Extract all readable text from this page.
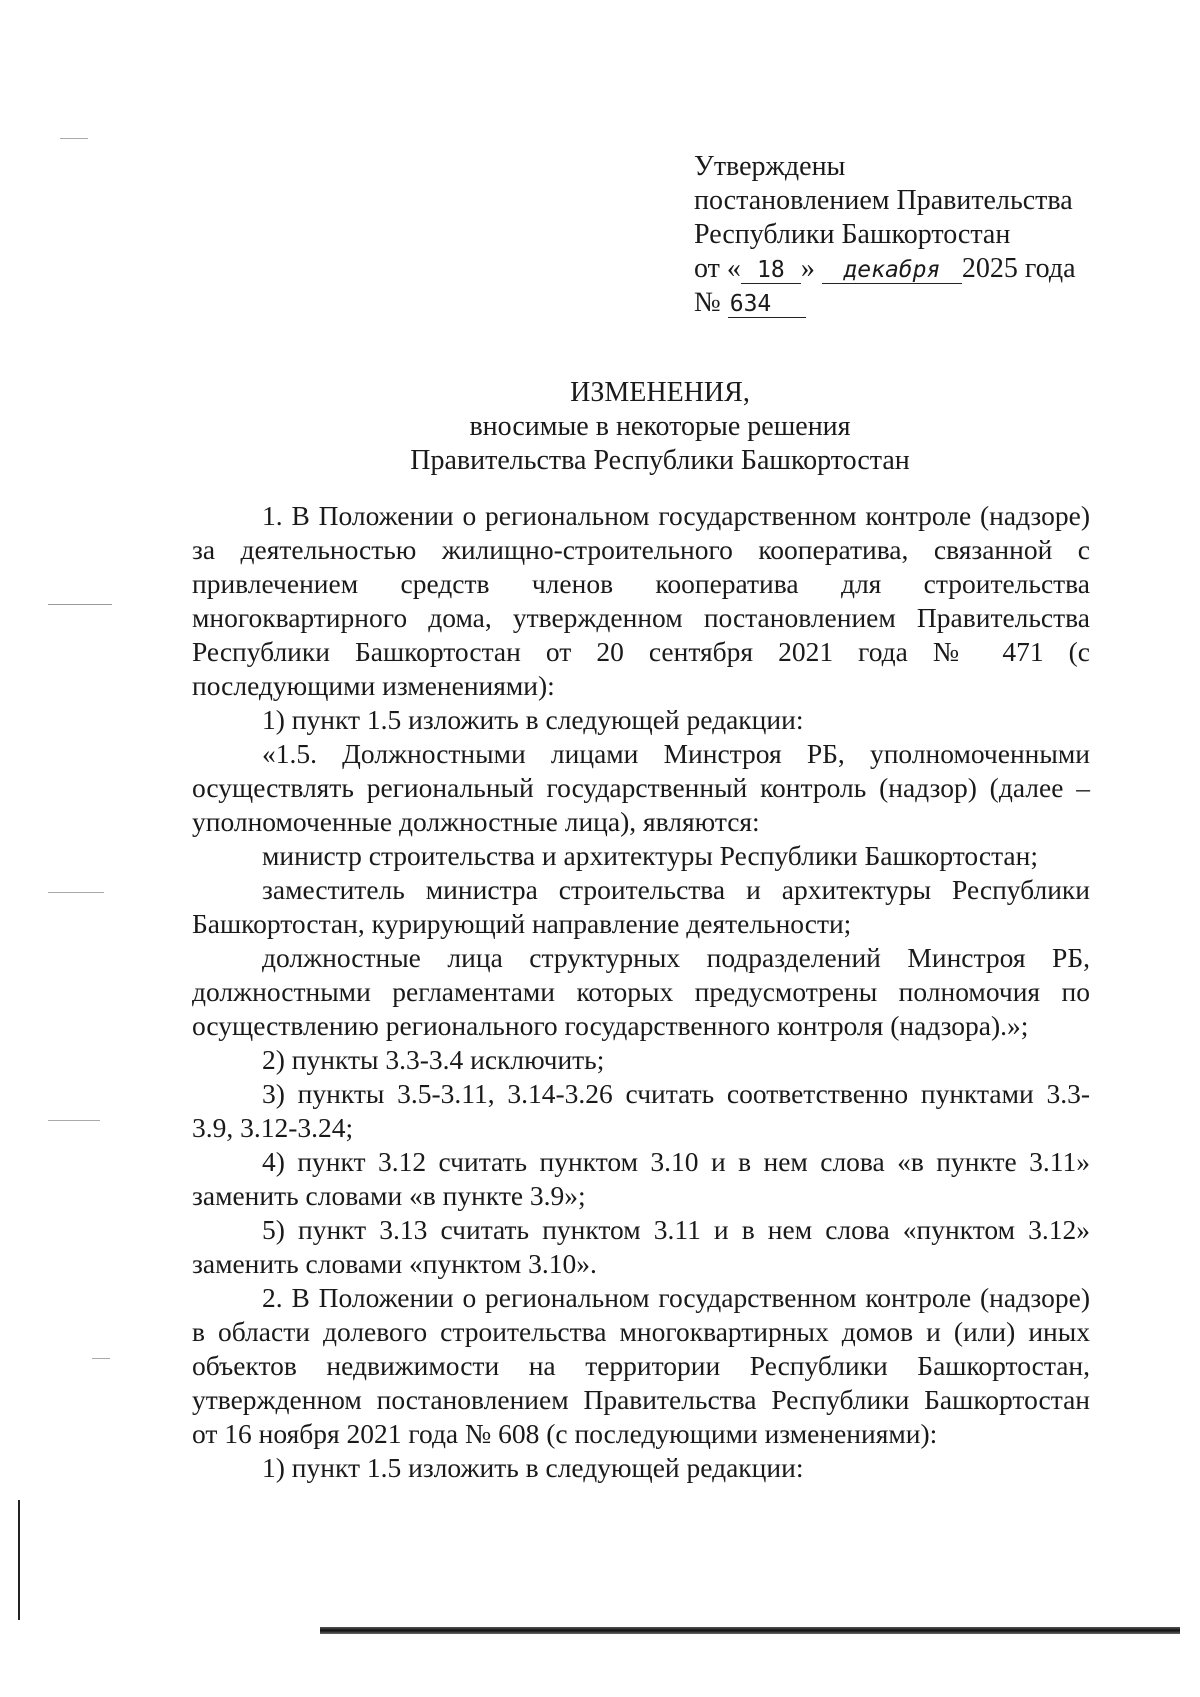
Утверждены
постановлением Правительства
Республики Башкортостан
от « 18 » декабря 2025 года
№ 634
ИЗМЕНЕНИЯ,
вносимые в некоторые решения
Правительства Республики Башкортостан

1. В Положении о региональном государственном контроле (надзоре) за деятельностью жилищно-строительного кооператива, связанной с привлечением средств членов кооператива для строительства многоквартирного дома, утвержденном постановлением Правительства Республики Башкортостан от 20 сентября 2021 года № 471 (с последующими изменениями):

1) пункт 1.5 изложить в следующей редакции:

«1.5. Должностными лицами Минстроя РБ, уполномоченными осуществлять региональный государственный контроль (надзор) (далее – уполномоченные должностные лица), являются:

министр строительства и архитектуры Республики Башкортостан;

заместитель министра строительства и архитектуры Республики Башкортостан, курирующий направление деятельности;

должностные лица структурных подразделений Минстроя РБ, должностными регламентами которых предусмотрены полномочия по осуществлению регионального государственного контроля (надзора).»;

2) пункты 3.3-3.4 исключить;

3) пункты 3.5-3.11, 3.14-3.26 считать соответственно пунктами 3.3-3.9, 3.12-3.24;

4) пункт 3.12 считать пунктом 3.10 и в нем слова «в пункте 3.11» заменить словами «в пункте 3.9»;

5) пункт 3.13 считать пунктом 3.11 и в нем слова «пунктом 3.12» заменить словами «пунктом 3.10».

2. В Положении о региональном государственном контроле (надзоре) в области долевого строительства многоквартирных домов и (или) иных объектов недвижимости на территории Республики Башкортостан, утвержденном постановлением Правительства Республики Башкортостан от 16 ноября 2021 года № 608 (с последующими изменениями):

1) пункт 1.5 изложить в следующей редакции:
